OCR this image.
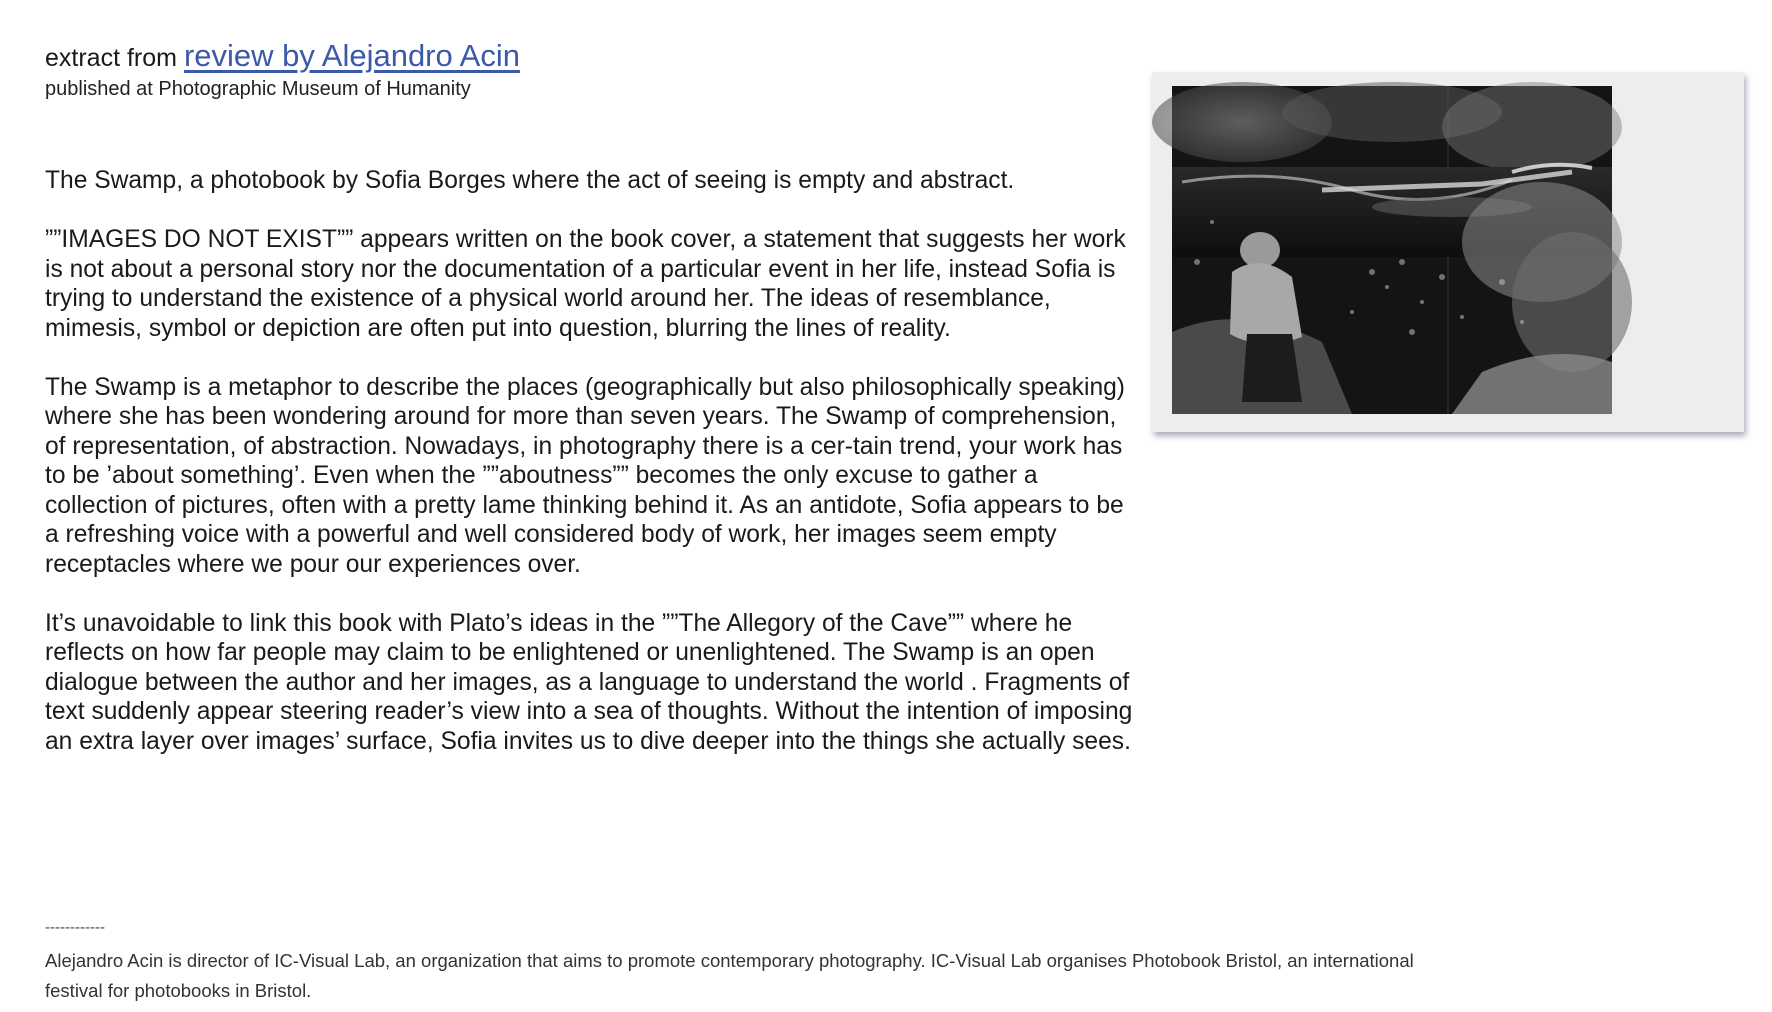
extract from review by Alejandro Acin
published at Photographic Museum of Humanity

The Swamp, a photobook by Sofia Borges where the act of seeing is empty and abstract.

””IMAGES DO NOT EXIST”” appears written on the book cover, a statement that suggests her work is not about a personal story nor the documentation of a particular event in her life, instead Sofia is trying to understand the existence of a physical world around her. The ideas of resemblance, mimesis, symbol or depiction are often put into question, blurring the lines of reality.

The Swamp is a metaphor to describe the places (geographically but also philosophically speaking) where she has been wondering around for more than seven years. The Swamp of comprehension, of representation, of abstraction. Nowadays, in photography there is a cer-tain trend, your work has to be ’about something’. Even when the ””aboutness”” becomes the only excuse to gather a collection of pictures, often with a pretty lame thinking behind it. As an antidote, Sofia appears to be a refreshing voice with a powerful and well considered body of work, her images seem empty receptacles where we pour our experiences over.

It’s unavoidable to link this book with Plato’s ideas in the ””The Allegory of the Cave”” where he reflects on how far people may claim to be enlightened or unenlightened. The Swamp is an open dialogue between the author and her images, as a language to understand the world . Fragments of text suddenly appear steering reader’s view into a sea of thoughts. Without the intention of imposing an extra layer over images’ surface, Sofia invites us to dive deeper into the things she actually sees.

------------
Alejandro Acin is director of IC-Visual Lab, an organization that aims to promote contemporary photography. IC-Visual Lab organises Photobook Bristol, an international festival for photobooks in Bristol.
